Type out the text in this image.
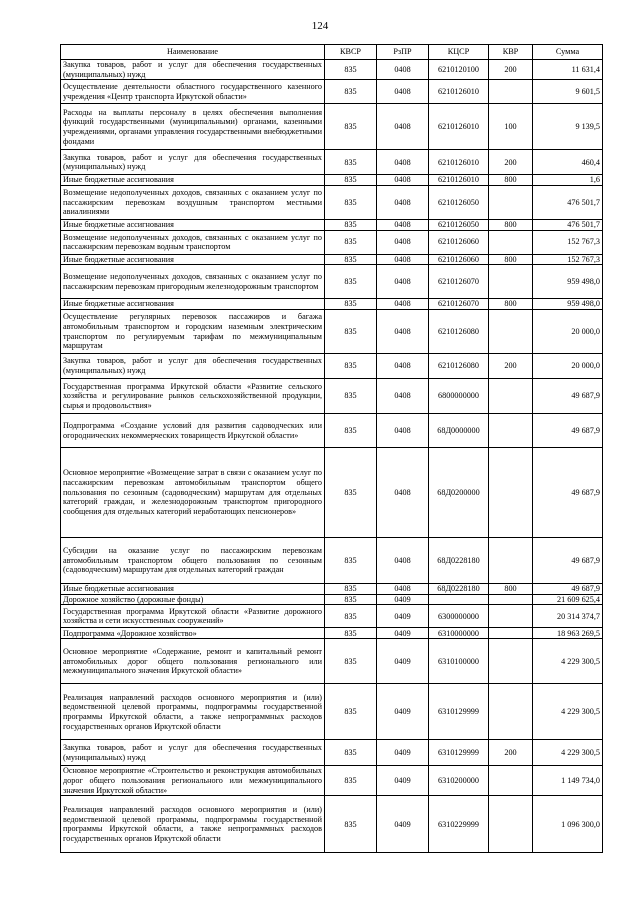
124
Наименование	КВСР	РзПР	КЦСР	КВР	Сумма
Закупка товаров, работ и услуг для обеспечения государственных (муниципальных) нужд	835	0408	6210120100	200	11 631,4
Осуществление деятельности областного государственного казенного учреждения «Центр транспорта Иркутской области»	835	0408	6210126010		9 601,5
Расходы на выплаты персоналу в целях обеспечения выполнения функций государственными (муниципальными) органами, казенными учреждениями, органами управления государственными внебюджетными фондами	835	0408	6210126010	100	9 139,5
Закупка товаров, работ и услуг для обеспечения государственных (муниципальных) нужд	835	0408	6210126010	200	460,4
Иные бюджетные ассигнования	835	0408	6210126010	800	1,6
Возмещение недополученных доходов, связанных с оказанием услуг по пассажирским перевозкам воздушным транспортом местными авиалиниями	835	0408	6210126050		476 501,7
Иные бюджетные ассигнования	835	0408	6210126050	800	476 501,7
Возмещение недополученных доходов, связанных с оказанием услуг по пассажирским перевозкам водным транспортом	835	0408	6210126060		152 767,3
Иные бюджетные ассигнования	835	0408	6210126060	800	152 767,3
Возмещение недополученных доходов, связанных с оказанием услуг по пассажирским перевозкам пригородным железнодорожным транспортом	835	0408	6210126070		959 498,0
Иные бюджетные ассигнования	835	0408	6210126070	800	959 498,0
Осуществление регулярных перевозок пассажиров и багажа автомобильным транспортом и городским наземным электрическим транспортом по регулируемым тарифам по межмуниципальным маршрутам	835	0408	6210126080		20 000,0
Закупка товаров, работ и услуг для обеспечения государственных (муниципальных) нужд	835	0408	6210126080	200	20 000,0
Государственная программа Иркутской области «Развитие сельского хозяйства и регулирование рынков сельскохозяйственной продукции, сырья и продовольствия»	835	0408	6800000000		49 687,9
Подпрограмма «Создание условий для развития садоводческих или огороднических некоммерческих товариществ Иркутской области»	835	0408	68Д0000000		49 687,9
Основное мероприятие «Возмещение затрат в связи с оказанием услуг по пассажирским перевозкам автомобильным транспортом общего пользования по сезонным (садоводческим) маршрутам для отдельных категорий граждан, и железнодорожным транспортом пригородного сообщения для отдельных категорий неработающих пенсионеров»	835	0408	68Д0200000		49 687,9
Субсидии на оказание услуг по пассажирским перевозкам автомобильным транспортом общего пользования по сезонным (садоводческим) маршрутам для отдельных категорий граждан	835	0408	68Д0228180		49 687,9
Иные бюджетные ассигнования	835	0408	68Д0228180	800	49 687,9
Дорожное хозяйство (дорожные фонды)	835	0409			21 609 625,4
Государственная программа Иркутской области «Развитие дорожного хозяйства и сети искусственных сооружений»	835	0409	6300000000		20 314 374,7
Подпрограмма «Дорожное хозяйство»	835	0409	6310000000		18 963 269,5
Основное мероприятие «Содержание, ремонт и капитальный ремонт автомобильных дорог общего пользования регионального или межмуниципального значения Иркутской области»	835	0409	6310100000		4 229 300,5
Реализация направлений расходов основного мероприятия и (или) ведомственной целевой программы, подпрограммы государственной программы Иркутской области, а также непрограммных расходов государственных органов Иркутской области	835	0409	6310129999		4 229 300,5
Закупка товаров, работ и услуг для обеспечения государственных (муниципальных) нужд	835	0409	6310129999	200	4 229 300,5
Основное мероприятие «Строительство и реконструкция автомобильных дорог общего пользования регионального или межмуниципального значения Иркутской области»	835	0409	6310200000		1 149 734,0
Реализация направлений расходов основного мероприятия и (или) ведомственной целевой программы, подпрограммы государственной программы Иркутской области, а также непрограммных расходов государственных органов Иркутской области	835	0409	6310229999		1 096 300,0
